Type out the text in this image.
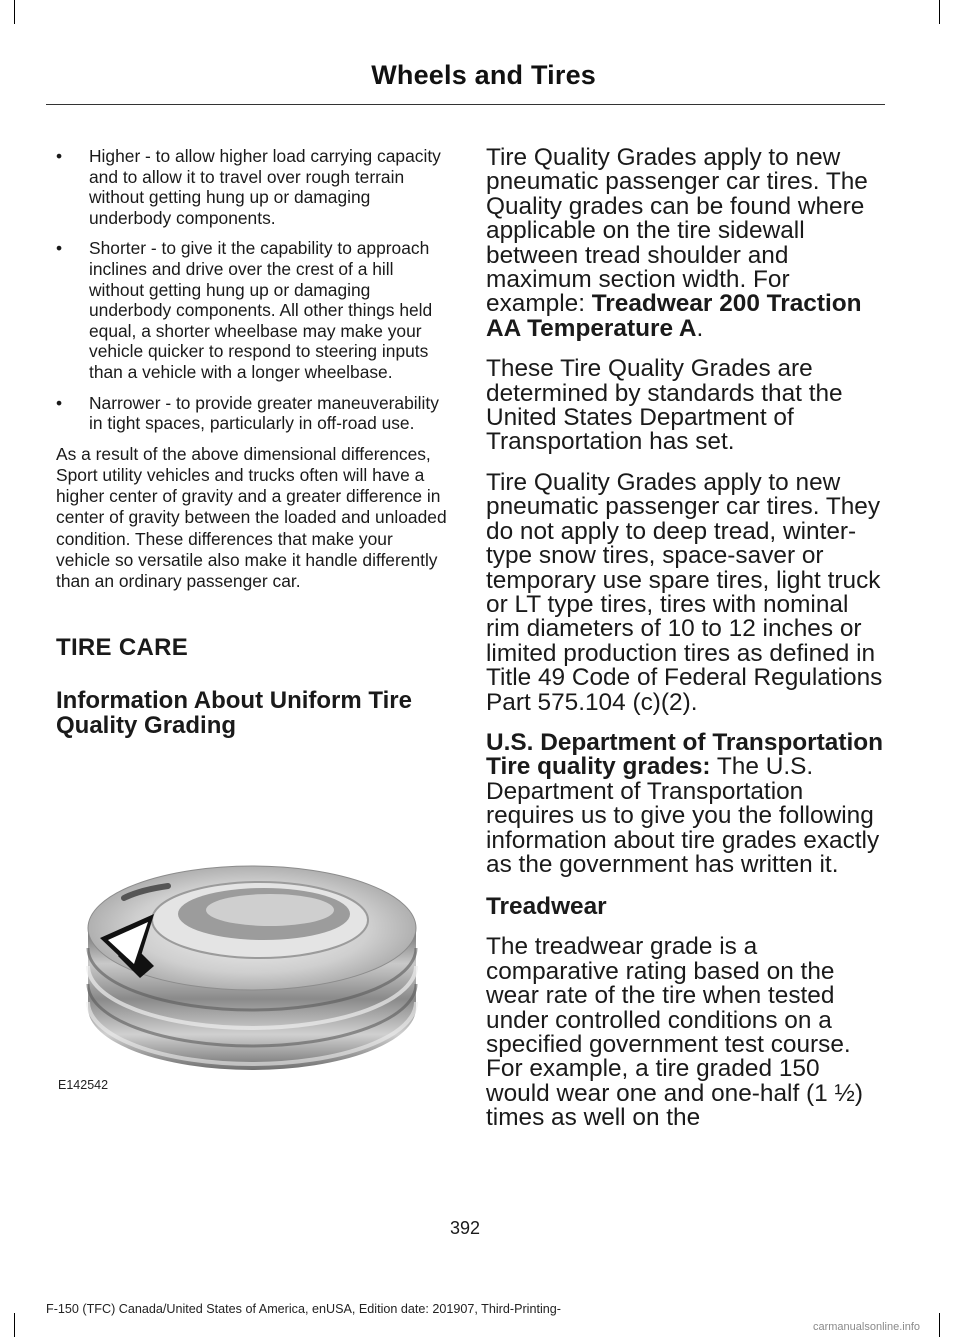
Wheels and Tires
• Higher - to allow higher load carrying capacity and to allow it to travel over rough terrain without getting hung up or damaging underbody components.
• Shorter - to give it the capability to approach inclines and drive over the crest of a hill without getting hung up or damaging underbody components. All other things held equal, a shorter wheelbase may make your vehicle quicker to respond to steering inputs than a vehicle with a longer wheelbase.
• Narrower - to provide greater maneuverability in tight spaces, particularly in off-road use.

As a result of the above dimensional differences, Sport utility vehicles and trucks often will have a higher center of gravity and a greater difference in center of gravity between the loaded and unloaded condition. These differences that make your vehicle so versatile also make it handle differently than an ordinary passenger car.

TIRE CARE
Information About Uniform Tire Quality Grading
E142542

Tire Quality Grades apply to new pneumatic passenger car tires. The Quality grades can be found where applicable on the tire sidewall between tread shoulder and maximum section width. For example: Treadwear 200 Traction AA Temperature A.

These Tire Quality Grades are determined by standards that the United States Department of Transportation has set.

Tire Quality Grades apply to new pneumatic passenger car tires. They do not apply to deep tread, winter-type snow tires, space-saver or temporary use spare tires, light truck or LT type tires, tires with nominal rim diameters of 10 to 12 inches or limited production tires as defined in Title 49 Code of Federal Regulations Part 575.104 (c)(2).

U.S. Department of Transportation Tire quality grades: The U.S. Department of Transportation requires us to give you the following information about tire grades exactly as the government has written it.

Treadwear

The treadwear grade is a comparative rating based on the wear rate of the tire when tested under controlled conditions on a specified government test course. For example, a tire graded 150 would wear one and one-half (1 ½) times as well on the

392
F-150 (TFC) Canada/United States of America, enUSA, Edition date: 201907, Third-Printing-
carmanualsonline.info
